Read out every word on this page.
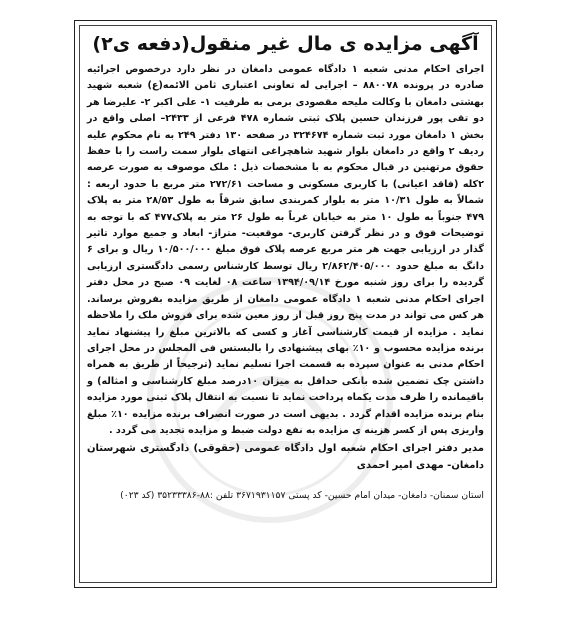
آگهی مزایده ی مال غیر منقول(دفعه ی۲)

اجرای احکام مدنی شعبه ۱ دادگاه عمومی دامغان در نظر دارد درخصوص اجرائیه صادره در پرونده ۸۸۰۰۷۸ – اجرایی له تعاونی اعتباری ثامن الائمه(ع) شعبه شهید بهشتی دامغان با وکالت ملیحه مقصودی برمی به طرفیت ۱- علی اکبر ۲- علیرضا هر دو تقی پور فرزندان حسین پلاک ثبتی شماره ۴۷۸ فرعی از ۲۴۳۳– اصلی واقع در بخش ۱ دامغان مورد ثبت شماره ۳۲۴۶۷۴ در صفحه ۱۳۰ دفتر ۲۴۹ به نام محکوم علیه ردیف ۲ واقع در دامغان بلوار شهید شاهچراغی انتهای بلوار سمت راست را با حفظ حقوق مرتهنین در قبال محکوم به با مشخصات ذیل : ملک موصوف به صورت عرصه ۲کله (فاقد اعیانی) با کاربری مسکونی و مساحت ۲۷۲/۶۱ متر مربع با حدود اربعه : شمالاً به طول ۱۰/۳۱ متر به بلوار کمربندی سابق شرقاً به طول ۲۸/۵۳ متر به پلاک ۴۷۹ جنوباً به طول ۱۰ متر به خیابان غرباً به طول ۲۶ متر به پلاک۴۷۷ که با توجه به توضیحات فوق و در نظر گرفتن کاربری- موقعیت- متراژ- ابعاد و جمیع موارد تاثیر گذار در ارزیابی جهت هر متر مربع عرصه پلاک فوق مبلغ ۱۰/۵۰۰/۰۰۰ ریال و برای ۶ دانگ به مبلغ حدود ۲/۸۶۲/۴۰۵/۰۰۰ ریال توسط کارشناس رسمی دادگستری ارزیابی گردیده را برای روز شنبه مورخ ۱۳۹۴/۰۹/۱۴ ساعت ۰۸ لغایت ۰۹ صبح در محل دفتر اجرای احکام مدنی شعبه ۱ دادگاه عمومی دامغان از طریق مزایده بفروش برساند. هر کس می تواند در مدت پنج روز قبل از روز معین شده برای فروش ملک را ملاحظه نماید . مزایده از قیمت کارشناسی آغاز و کسی که بالاترین مبلغ را پیشنهاد نماید برنده مزایده محسوب و ۱۰٪ بهای پیشنهادی را بالبستس فی المجلس در محل اجرای احکام مدنی به عنوان سپرده به قسمت اجرا تسلیم نماید (ترجیحاً از طریق به همراه داشتن چک تضمین شده بانکی حداقل به میزان ۱۰درصد مبلغ کارشناسی و امثاله) و باقیمانده را ظرف مدت یکماه پرداخت نماید تا نسبت به انتقال پلاک ثبتی مورد مزایده بنام برنده مزایده اقدام گردد . بدیهی است در صورت انصراف برنده مزایده ۱۰٪ مبلغ واریزی پس از کسر هزینه ی مزایده به نفع دولت ضبط و مزایده تجدید می گردد .

مدیر دفتر اجرای احکام شعبه اول دادگاه عمومی (حقوقی) دادگستری شهرستان دامغان- مهدی امیر احمدی
استان سمنان- دامغان- میدان امام حسین- کد پستی ۳۶۷۱۹۳۱۱۵۷ تلفن :۸۸-۳۵۲۳۳۳۸۶ (کد ۰۲۳)
